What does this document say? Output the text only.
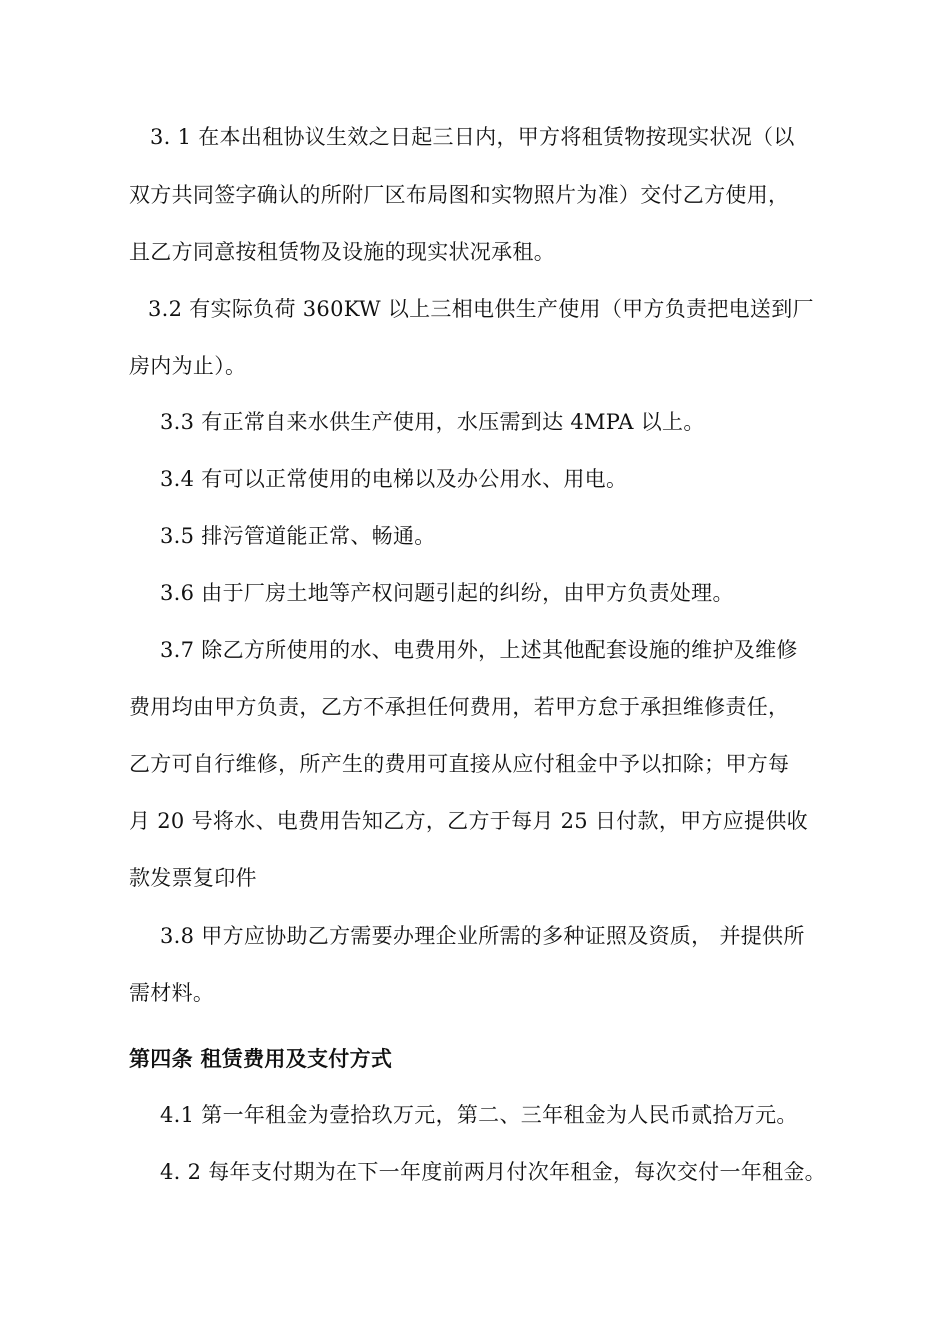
3. 1 在本出租协议生效之日起三日内，甲方将租赁物按现实状况（以
双方共同签字确认的所附厂区布局图和实物照片为准）交付乙方使用，
且乙方同意按租赁物及设施的现实状况承租。
3.2 有实际负荷 360KW 以上三相电供生产使用（甲方负责把电送到厂
房内为止）。
3.3 有正常自来水供生产使用，水压需到达 4MPA 以上。
3.4 有可以正常使用的电梯以及办公用水、用电。
3.5 排污管道能正常、畅通。
3.6 由于厂房土地等产权问题引起的纠纷，由甲方负责处理。
3.7 除乙方所使用的水、电费用外，上述其他配套设施的维护及维修
费用均由甲方负责，乙方不承担任何费用，若甲方怠于承担维修责任，
乙方可自行维修，所产生的费用可直接从应付租金中予以扣除；甲方每
月 20 号将水、电费用告知乙方，乙方于每月 25 日付款，甲方应提供收
款发票复印件
3.8 甲方应协助乙方需要办理企业所需的多种证照及资质， 并提供所
需材料。
第四条 租赁费用及支付方式
4.1 第一年租金为壹拾玖万元，第二、三年租金为人民币贰拾万元。
4. 2 每年支付期为在下一年度前两月付次年租金，每次交付一年租金。
